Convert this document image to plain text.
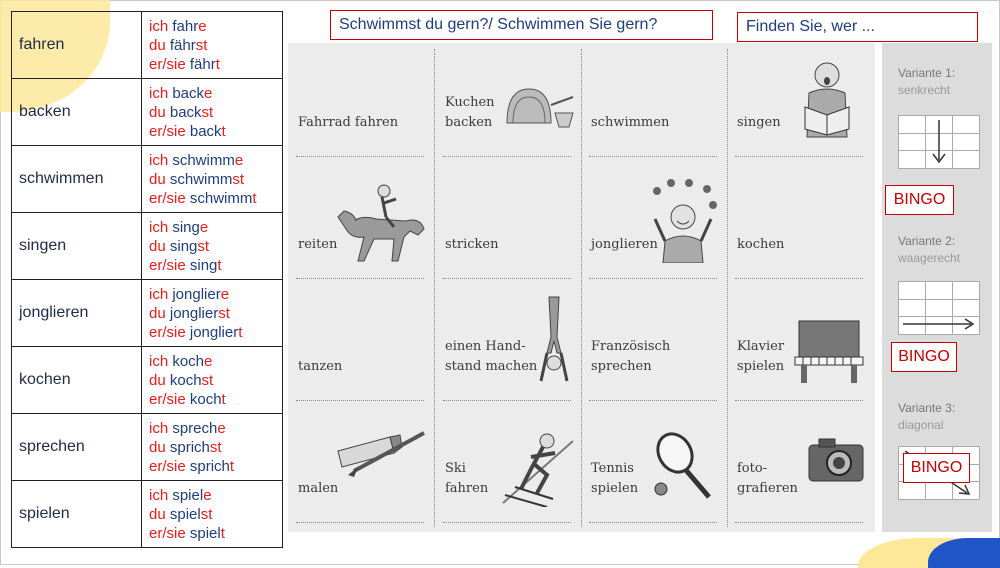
fahren	ich fahre
du fährst
er/sie fährt

backen	ich backe
du backst
er/sie backt

schwimmen	ich schwimme
du schwimmst
er/sie schwimmt

singen	ich singe
du singst
er/sie singt

jonglieren	ich jongliere
du jonglierst
er/sie jongliert

kochen	ich koche
du kochst
er/sie kocht

sprechen	ich spreche
du sprichst
er/sie spricht

spielen	ich spiele
du spielst
er/sie spielt
Schwimmst du gern?/ Schwimmen Sie gern?	Finden Sie, wer ...
Fahrrad fahren
Kuchen
backen	schwimmen	singen
reiten	stricken	jonglieren	kochen
tanzen
einen Hand-
stand machen
Französisch
sprechen
Klavier
spielen
malen
Ski
fahren
Tennis
spielen
foto-
grafieren
Variante 1:
senkrecht
Variante 2:
waagerecht
Variante 3:
diagonal
BINGO
BINGO
BINGO
